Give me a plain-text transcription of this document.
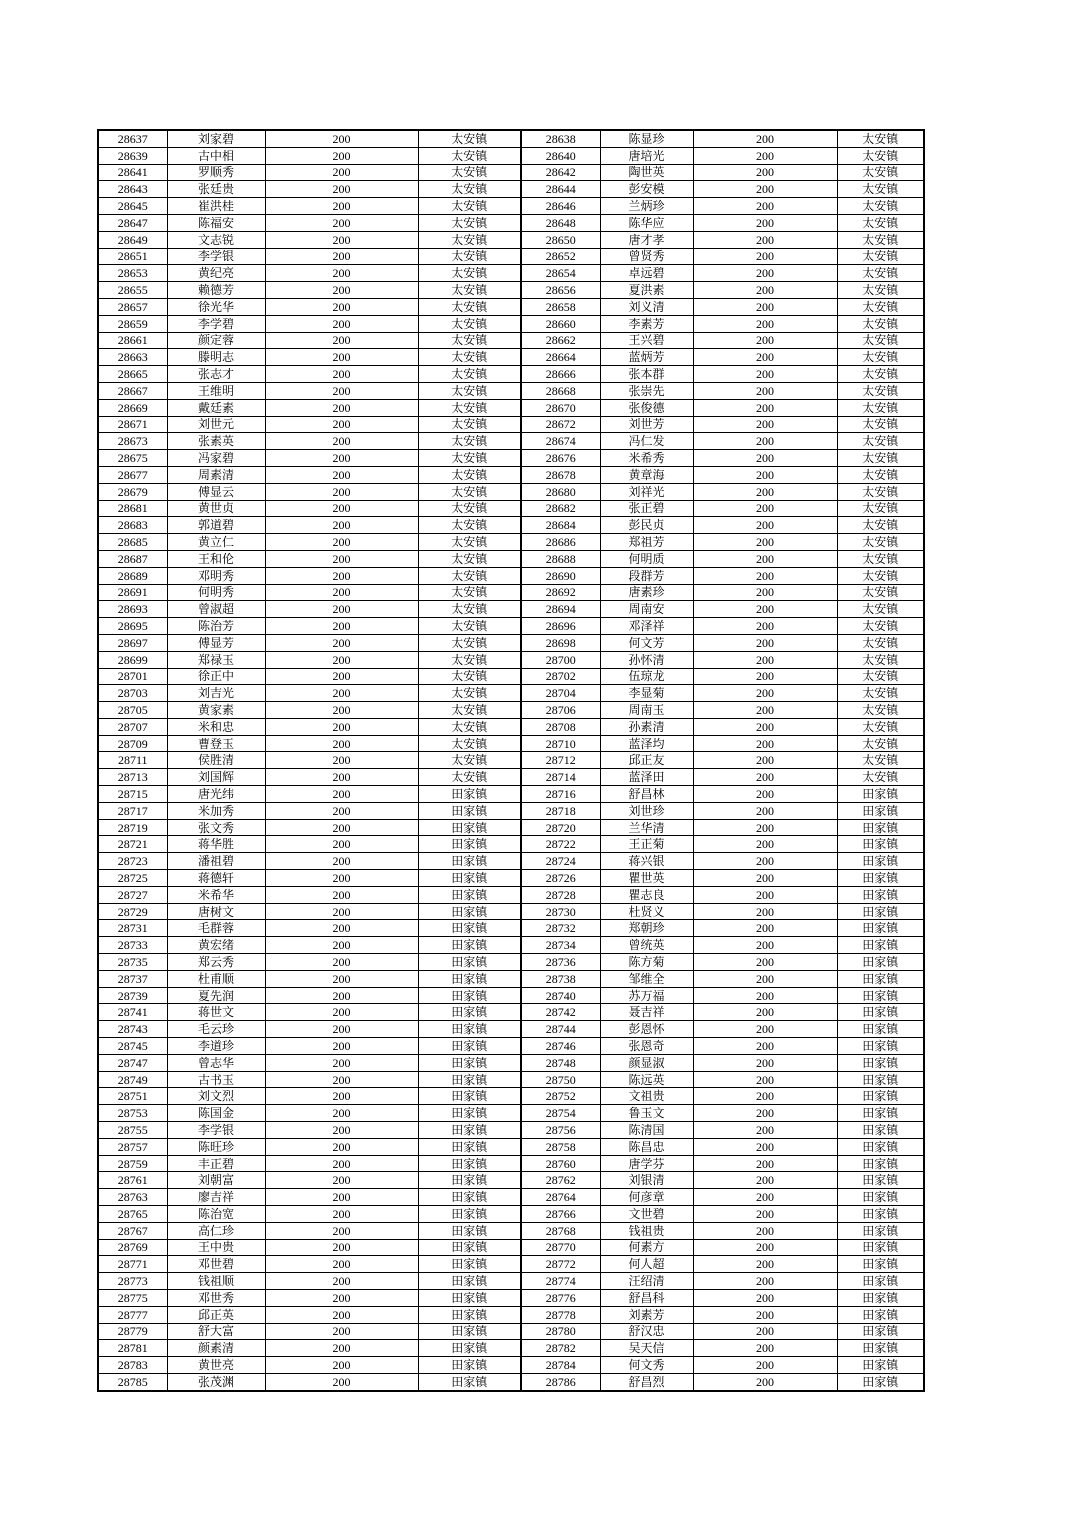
28637	刘家碧	200	太安镇	28638	陈显珍	200	太安镇
28639	古中相	200	太安镇	28640	唐培光	200	太安镇
28641	罗顺秀	200	太安镇	28642	陶世英	200	太安镇
28643	张廷贵	200	太安镇	28644	彭安模	200	太安镇
28645	崔洪桂	200	太安镇	28646	兰炳珍	200	太安镇
28647	陈福安	200	太安镇	28648	陈华应	200	太安镇
28649	文志锐	200	太安镇	28650	唐才孝	200	太安镇
28651	李学银	200	太安镇	28652	曾贤秀	200	太安镇
28653	黄纪亮	200	太安镇	28654	卓远碧	200	太安镇
28655	赖德芳	200	太安镇	28656	夏洪素	200	太安镇
28657	徐光华	200	太安镇	28658	刘义清	200	太安镇
28659	李学碧	200	太安镇	28660	李素芳	200	太安镇
28661	颜定蓉	200	太安镇	28662	王兴碧	200	太安镇
28663	滕明志	200	太安镇	28664	蓝炳芳	200	太安镇
28665	张志才	200	太安镇	28666	张本群	200	太安镇
28667	王维明	200	太安镇	28668	张崇先	200	太安镇
28669	戴廷素	200	太安镇	28670	张俊德	200	太安镇
28671	刘世元	200	太安镇	28672	刘世芳	200	太安镇
28673	张素英	200	太安镇	28674	冯仁发	200	太安镇
28675	冯家碧	200	太安镇	28676	米希秀	200	太安镇
28677	周素清	200	太安镇	28678	黄章海	200	太安镇
28679	傅显云	200	太安镇	28680	刘祥光	200	太安镇
28681	黄世贞	200	太安镇	28682	张正碧	200	太安镇
28683	郭道碧	200	太安镇	28684	彭民贞	200	太安镇
28685	黄立仁	200	太安镇	28686	郑祖芳	200	太安镇
28687	王和伦	200	太安镇	28688	何明质	200	太安镇
28689	邓明秀	200	太安镇	28690	段群芳	200	太安镇
28691	何明秀	200	太安镇	28692	唐素珍	200	太安镇
28693	曾淑超	200	太安镇	28694	周南安	200	太安镇
28695	陈治芳	200	太安镇	28696	邓泽祥	200	太安镇
28697	傅显芳	200	太安镇	28698	何文芳	200	太安镇
28699	郑禄玉	200	太安镇	28700	孙怀清	200	太安镇
28701	徐正中	200	太安镇	28702	伍琼龙	200	太安镇
28703	刘吉光	200	太安镇	28704	李显菊	200	太安镇
28705	黄家素	200	太安镇	28706	周南玉	200	太安镇
28707	米和忠	200	太安镇	28708	孙素清	200	太安镇
28709	曹登玉	200	太安镇	28710	蓝泽均	200	太安镇
28711	侯胜清	200	太安镇	28712	邱正友	200	太安镇
28713	刘国辉	200	太安镇	28714	蓝泽田	200	太安镇
28715	唐光纬	200	田家镇	28716	舒昌林	200	田家镇
28717	米加秀	200	田家镇	28718	刘世珍	200	田家镇
28719	张文秀	200	田家镇	28720	兰华清	200	田家镇
28721	蒋华胜	200	田家镇	28722	王正菊	200	田家镇
28723	潘祖碧	200	田家镇	28724	蒋兴银	200	田家镇
28725	蒋德轩	200	田家镇	28726	瞿世英	200	田家镇
28727	米希华	200	田家镇	28728	瞿志良	200	田家镇
28729	唐树文	200	田家镇	28730	杜贤义	200	田家镇
28731	毛群蓉	200	田家镇	28732	郑朝珍	200	田家镇
28733	黄宏绪	200	田家镇	28734	曾统英	200	田家镇
28735	郑云秀	200	田家镇	28736	陈方菊	200	田家镇
28737	杜甫顺	200	田家镇	28738	邹维全	200	田家镇
28739	夏先润	200	田家镇	28740	苏万福	200	田家镇
28741	蒋世文	200	田家镇	28742	聂吉祥	200	田家镇
28743	毛云珍	200	田家镇	28744	彭恩怀	200	田家镇
28745	李道珍	200	田家镇	28746	张恩奇	200	田家镇
28747	曾志华	200	田家镇	28748	颜显淑	200	田家镇
28749	古书玉	200	田家镇	28750	陈远英	200	田家镇
28751	刘文烈	200	田家镇	28752	文祖贵	200	田家镇
28753	陈国金	200	田家镇	28754	鲁玉文	200	田家镇
28755	李学银	200	田家镇	28756	陈清国	200	田家镇
28757	陈旺珍	200	田家镇	28758	陈昌忠	200	田家镇
28759	丰正碧	200	田家镇	28760	唐学芬	200	田家镇
28761	刘朝富	200	田家镇	28762	刘银清	200	田家镇
28763	廖吉祥	200	田家镇	28764	何彦章	200	田家镇
28765	陈治宽	200	田家镇	28766	文世碧	200	田家镇
28767	高仁珍	200	田家镇	28768	钱祖贵	200	田家镇
28769	王中贵	200	田家镇	28770	何素方	200	田家镇
28771	邓世碧	200	田家镇	28772	何人超	200	田家镇
28773	钱祖顺	200	田家镇	28774	汪绍清	200	田家镇
28775	邓世秀	200	田家镇	28776	舒昌科	200	田家镇
28777	邱正英	200	田家镇	28778	刘素芳	200	田家镇
28779	舒大富	200	田家镇	28780	舒汉忠	200	田家镇
28781	颜素清	200	田家镇	28782	吴天信	200	田家镇
28783	黄世亮	200	田家镇	28784	何文秀	200	田家镇
28785	张茂渊	200	田家镇	28786	舒昌烈	200	田家镇
